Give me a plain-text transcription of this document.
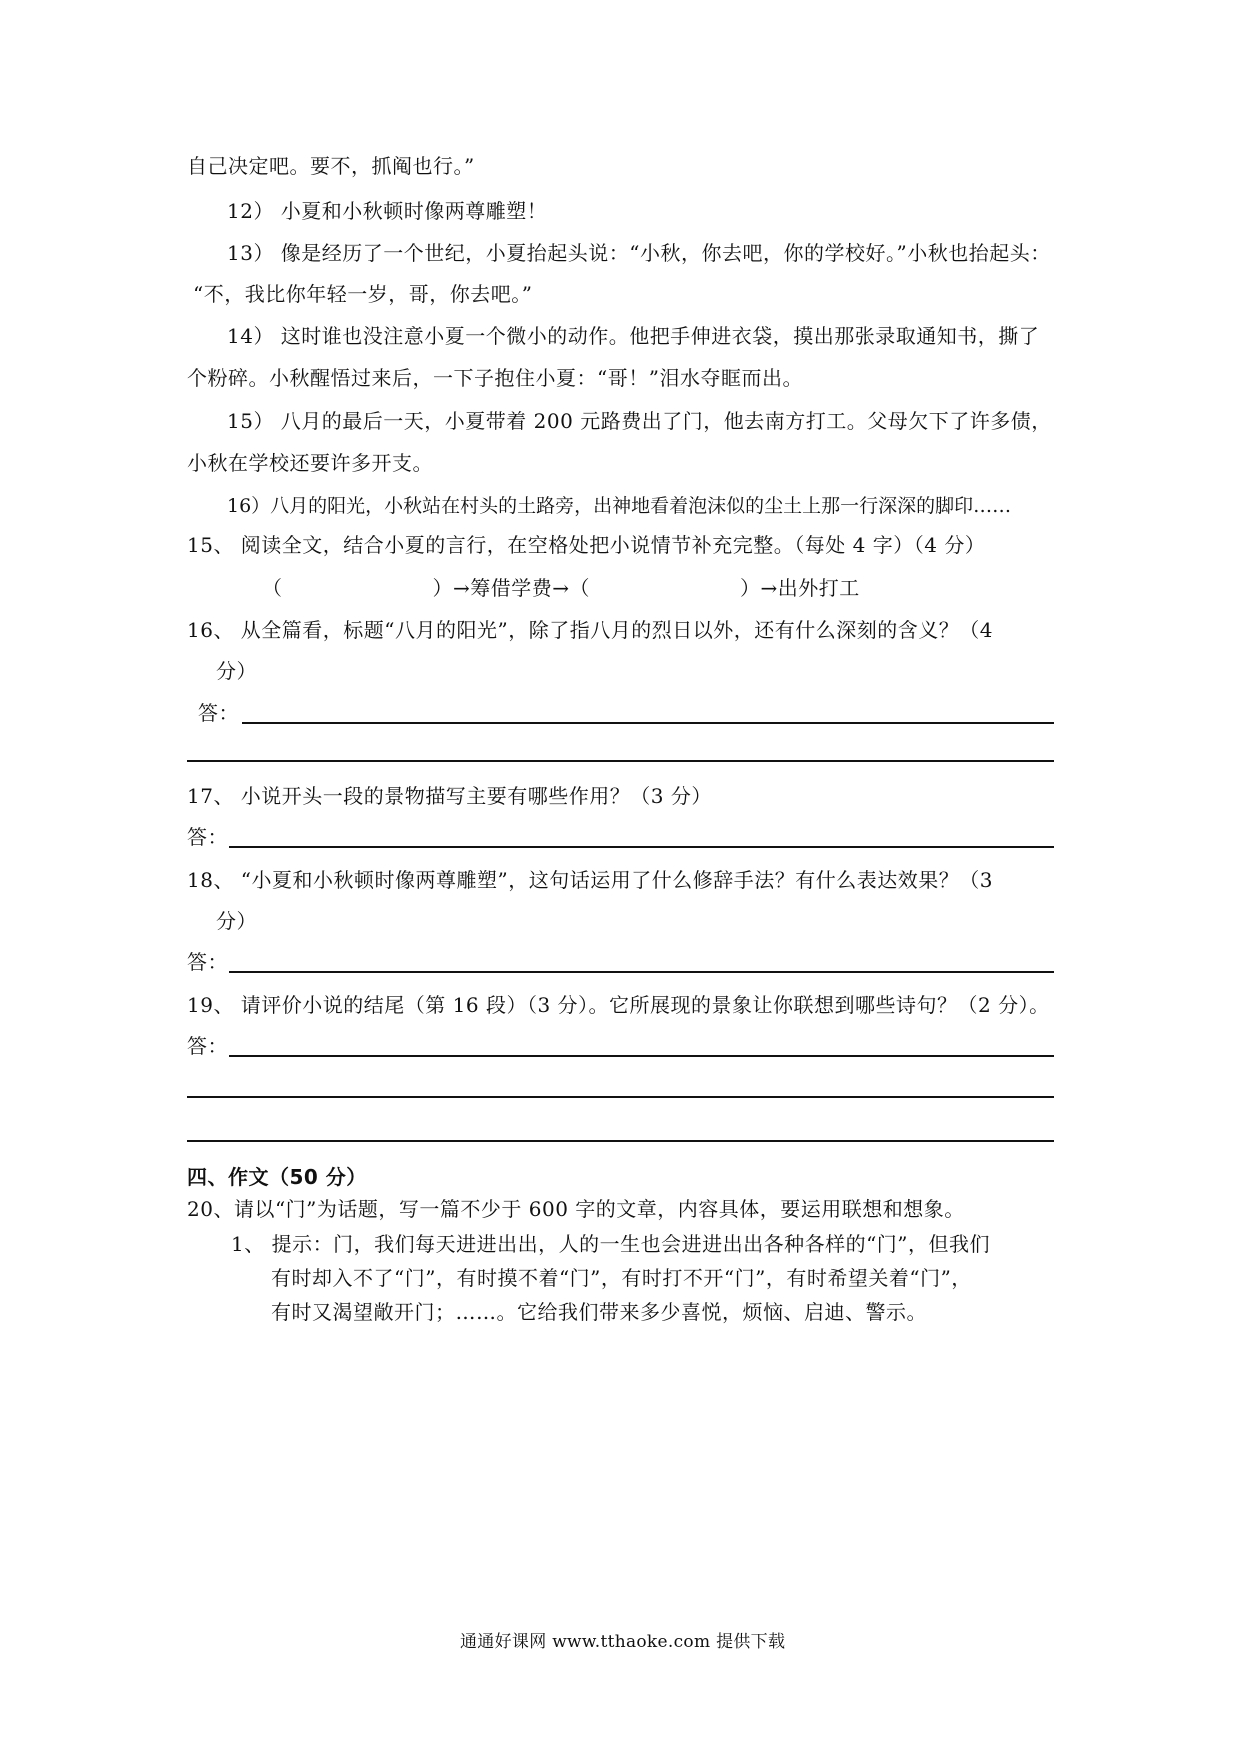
自己决定吧。要不，抓阄也行。”
12） 小夏和小秋顿时像两尊雕塑！
13） 像是经历了一个世纪，小夏抬起头说：“小秋，你去吧，你的学校好。”小秋也抬起头：
“不，我比你年轻一岁，哥，你去吧。”
14） 这时谁也没注意小夏一个微小的动作。他把手伸进衣袋，摸出那张录取通知书，撕了
个粉碎。小秋醒悟过来后，一下子抱住小夏：“哥！”泪水夺眶而出。
15） 八月的最后一天，小夏带着 200 元路费出了门，他去南方打工。父母欠下了许多债，
小秋在学校还要许多开支。
16）八月的阳光，小秋站在村头的土路旁，出神地看着泡沫似的尘土上那一行深深的脚印……
15、 阅读全文，结合小夏的言行，在空格处把小说情节补充完整。（每处 4 字）（4 分）
（	）→筹借学费→（	）→出外打工
16、 从全篇看，标题“八月的阳光”，除了指八月的烈日以外，还有什么深刻的含义？（4
分）
答：
17、 小说开头一段的景物描写主要有哪些作用？（3 分）
答：
18、 “小夏和小秋顿时像两尊雕塑”，这句话运用了什么修辞手法？有什么表达效果？（3
分）
答：
19、 请评价小说的结尾（第 16 段）（3 分）。它所展现的景象让你联想到哪些诗句？（2 分）。
答：
四、作文（50 分）
20、请以“门”为话题，写一篇不少于 600 字的文章，内容具体，要运用联想和想象。
1、 提示：门，我们每天进进出出，人的一生也会进进出出各种各样的“门”，但我们
有时却入不了“门”，有时摸不着“门”，有时打不开“门”，有时希望关着“门”，
有时又渴望敞开门；……。它给我们带来多少喜悦，烦恼、启迪、警示。
通通好课网 www.tthaoke.com 提供下载
